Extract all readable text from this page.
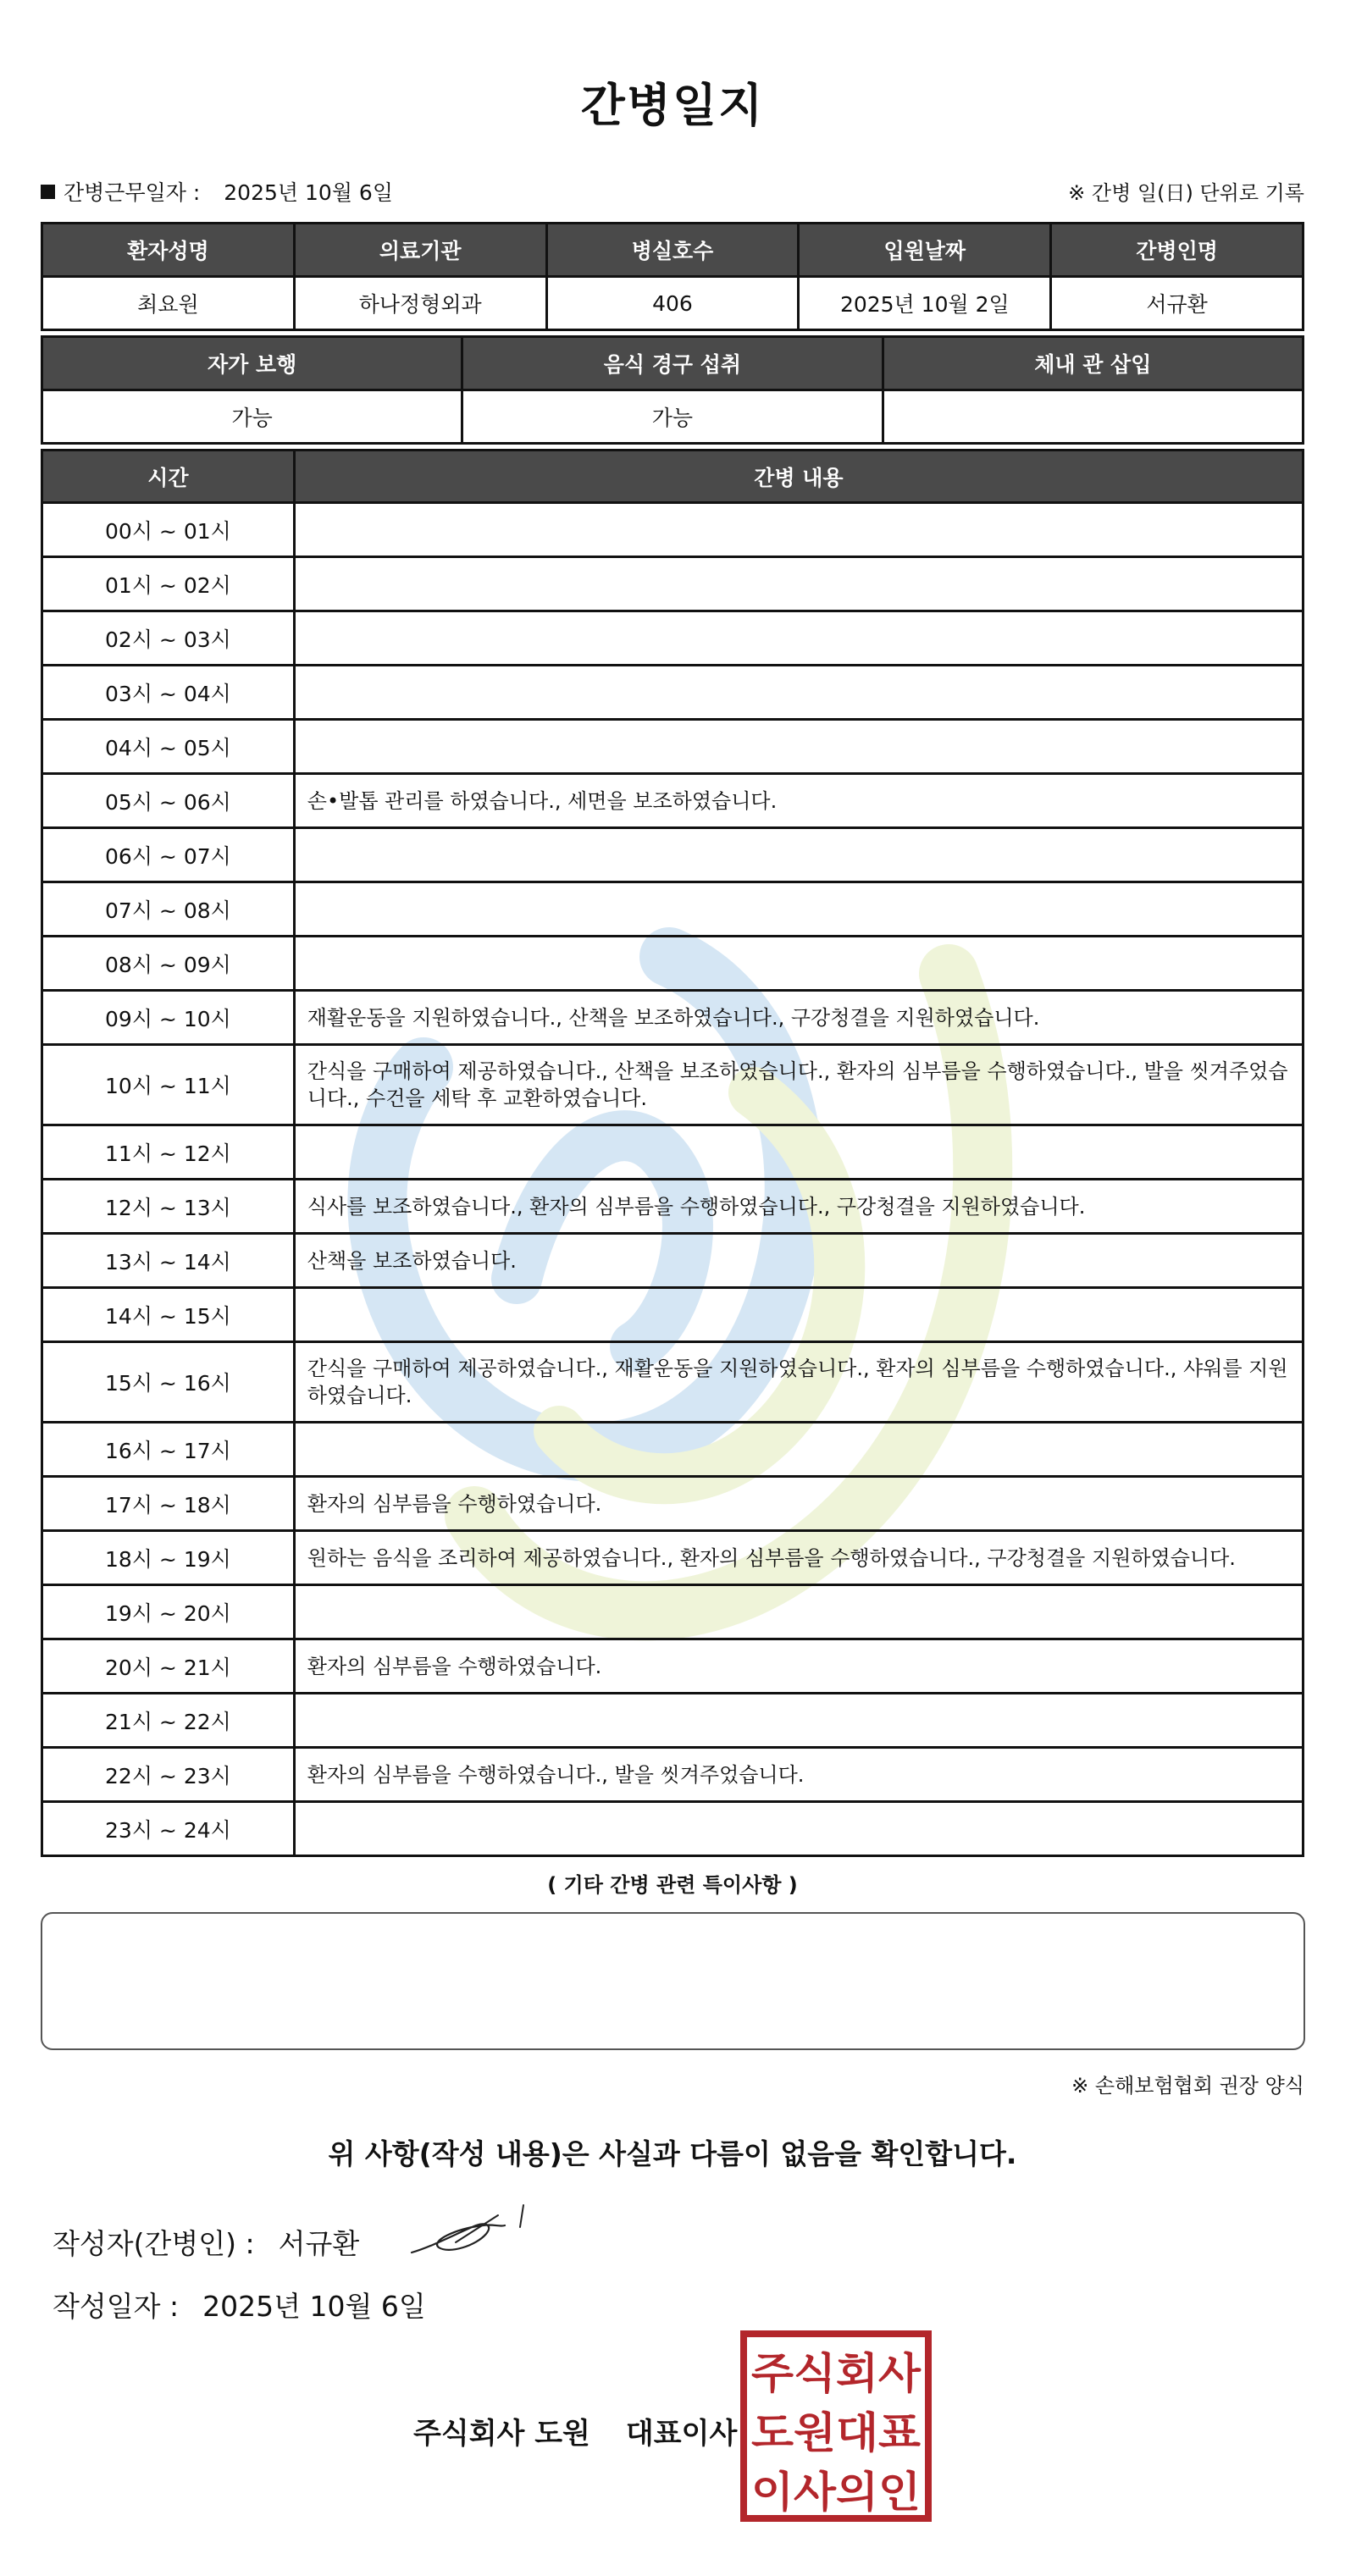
간병일지
간병근무일자 : 2025년 10월 6일	※ 간병 일(日) 단위로 기록
환자성명	의료기관	병실호수	입원날짜	간병인명
최요원	하나정형외과	406	2025년 10월 2일	서규환
자가 보행	음식 경구 섭취	체내 관 삽입
가능	가능	
시간	간병 내용
00시 ~ 01시	
01시 ~ 02시	
02시 ~ 03시	
03시 ~ 04시	
04시 ~ 05시	
05시 ~ 06시	손•발톱 관리를 하였습니다., 세면을 보조하였습니다.
06시 ~ 07시	
07시 ~ 08시	
08시 ~ 09시	
09시 ~ 10시	재활운동을 지원하였습니다., 산책을 보조하였습니다., 구강청결을 지원하였습니다.
10시 ~ 11시	간식을 구매하여 제공하였습니다., 산책을 보조하였습니다., 환자의 심부름을 수행하였습니다., 발을 씻겨주었습니다., 수건을 세탁 후 교환하였습니다.
11시 ~ 12시	
12시 ~ 13시	식사를 보조하였습니다., 환자의 심부름을 수행하였습니다., 구강청결을 지원하였습니다.
13시 ~ 14시	산책을 보조하였습니다.
14시 ~ 15시	
15시 ~ 16시	간식을 구매하여 제공하였습니다., 재활운동을 지원하였습니다., 환자의 심부름을 수행하였습니다., 샤워를 지원하였습니다.
16시 ~ 17시	
17시 ~ 18시	환자의 심부름을 수행하였습니다.
18시 ~ 19시	원하는 음식을 조리하여 제공하였습니다., 환자의 심부름을 수행하였습니다., 구강청결을 지원하였습니다.
19시 ~ 20시	
20시 ~ 21시	환자의 심부름을 수행하였습니다.
21시 ~ 22시	
22시 ~ 23시	환자의 심부름을 수행하였습니다., 발을 씻겨주었습니다.
23시 ~ 24시	
( 기타 간병 관련 특이사항 )
※ 손해보험협회 권장 양식
위 사항(작성 내용)은 사실과 다름이 없음을 확인합니다.
작성자(간병인) : 서규환
작성일자 : 2025년 10월 6일
주식회사 도원 대표이사
주식회사
도원대표
이사의인
